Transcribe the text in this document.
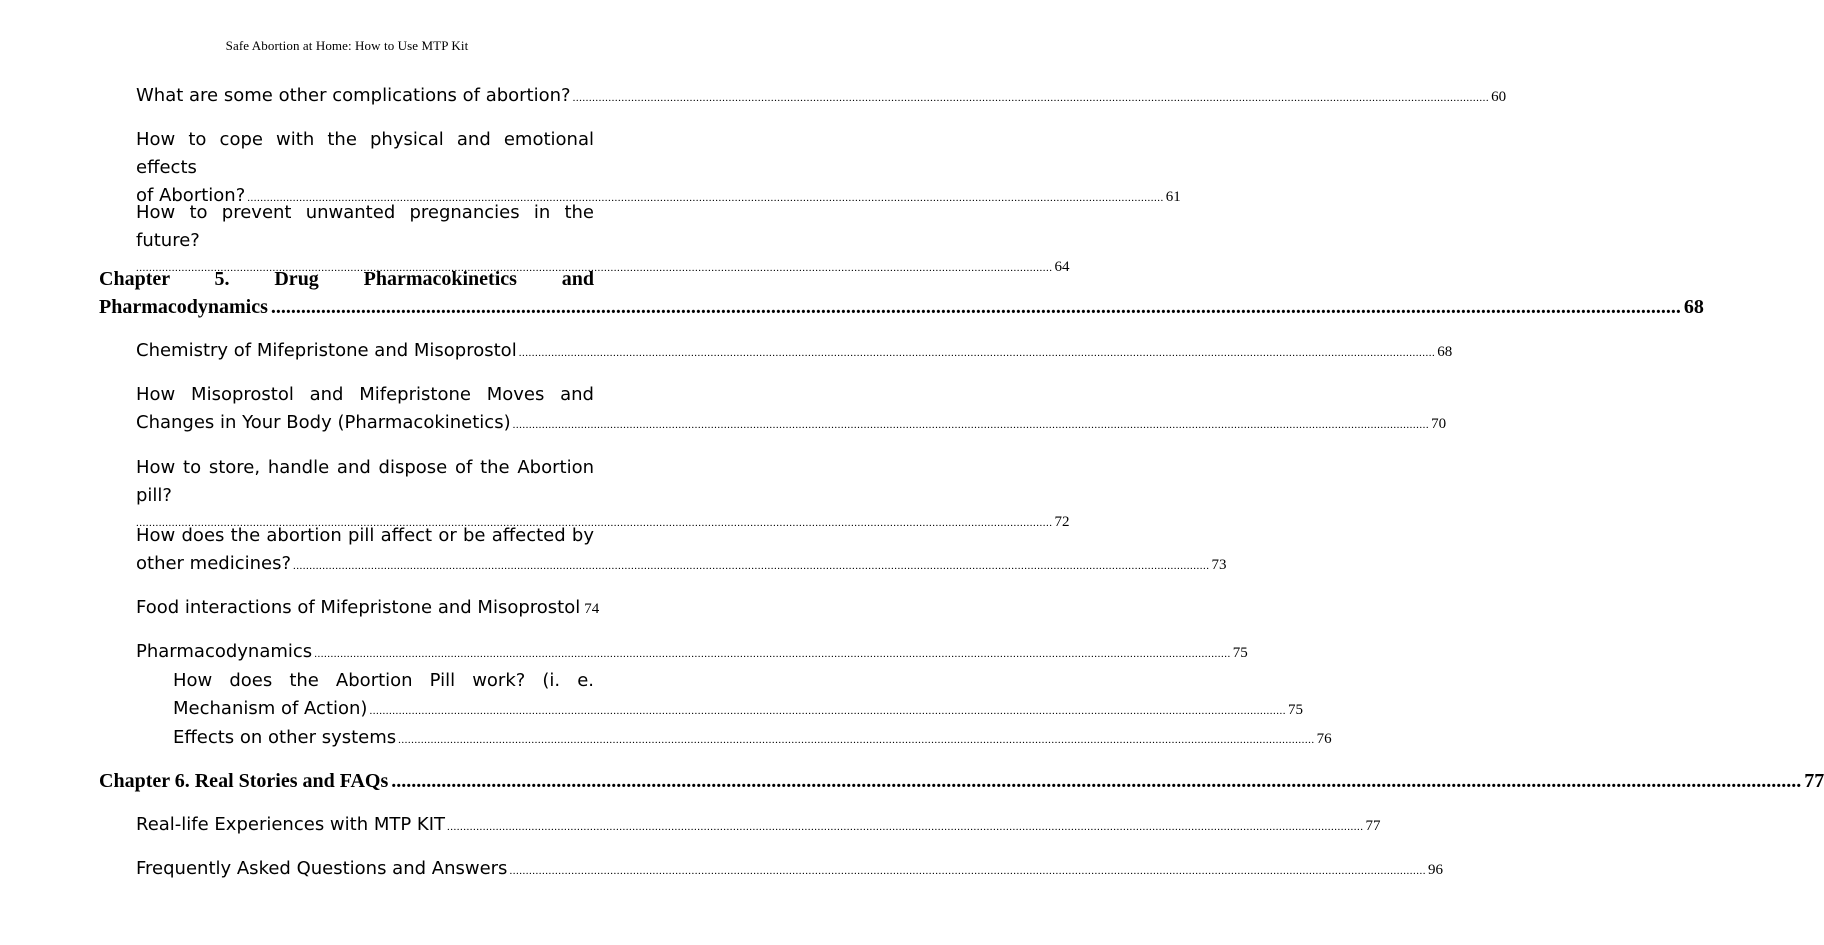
Safe Abortion at Home: How to Use MTP Kit
What are some other complications of abortion? .......................................................................................................................................................................................................................................................................................... 60
How to cope with the physical and emotional effects
of Abortion? .......................................................................................................................................................................................................................................................................................... 61
How to prevent unwanted pregnancies in the future?
.......................................................................................................................................................................................................................................................................................... 64
Chapter 5. Drug Pharmacokinetics and
Pharmacodynamics .......................................................................................................................................................................................................................................................................................... 68
Chemistry of Mifepristone and Misoprostol .......................................................................................................................................................................................................................................................................................... 68
How Misoprostol and Mifepristone Moves and
Changes in Your Body (Pharmacokinetics) .......................................................................................................................................................................................................................................................................................... 70
How to store, handle and dispose of the Abortion pill?
.......................................................................................................................................................................................................................................................................................... 72
How does the abortion pill affect or be affected by
other medicines? .......................................................................................................................................................................................................................................................................................... 73
Food interactions of Mifepristone and Misoprostol 74
Pharmacodynamics .......................................................................................................................................................................................................................................................................................... 75
How does the Abortion Pill work? (i. e.
Mechanism of Action) .......................................................................................................................................................................................................................................................................................... 75
Effects on other systems .......................................................................................................................................................................................................................................................................................... 76
Chapter 6. Real Stories and FAQs .......................................................................................................................................................................................................................................................................................... 77
Real-life Experiences with MTP KIT .......................................................................................................................................................................................................................................................................................... 77
Frequently Asked Questions and Answers .......................................................................................................................................................................................................................................................................................... 96
